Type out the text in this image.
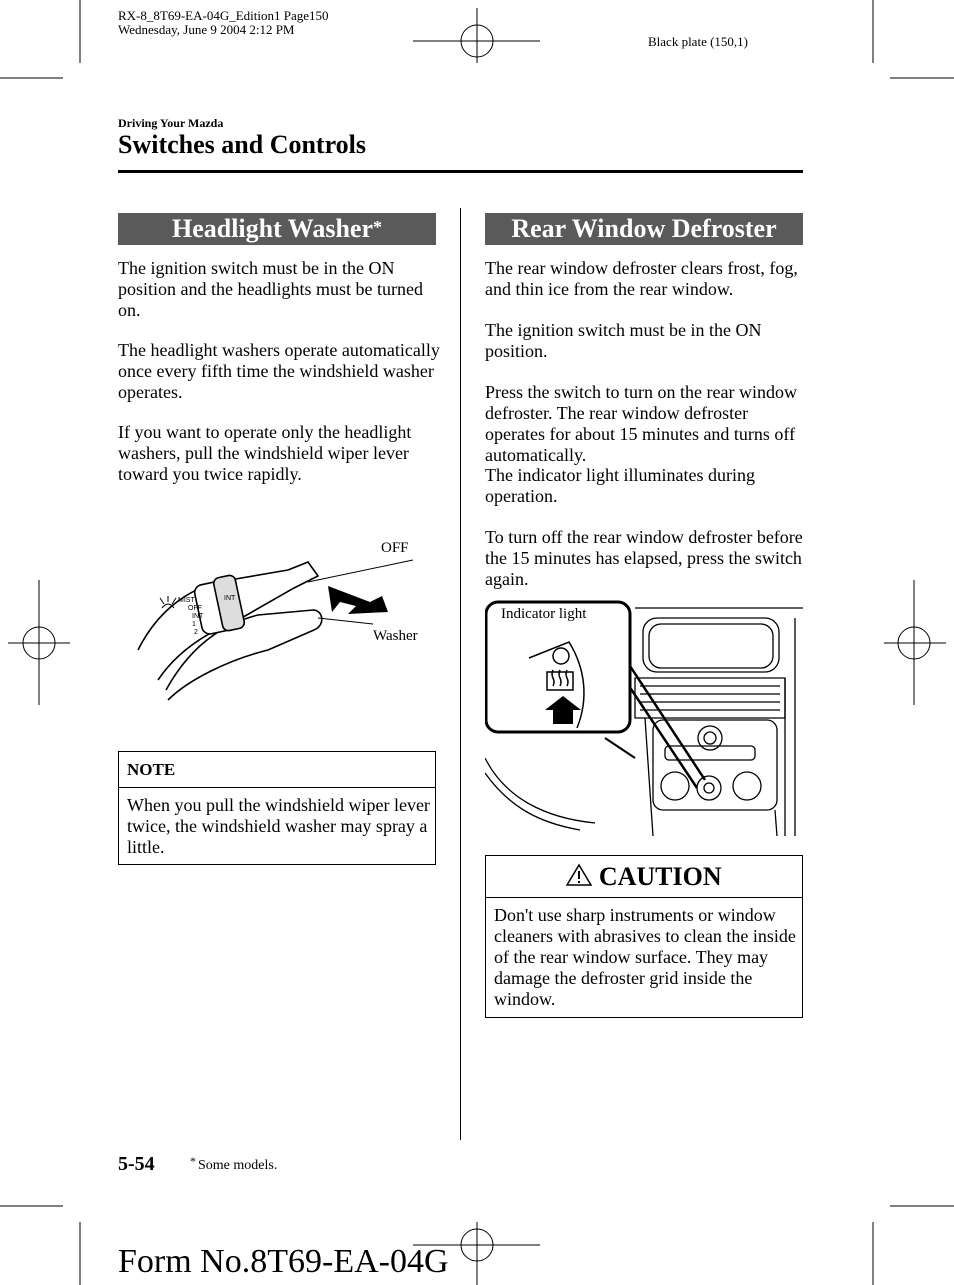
RX-8_8T69-EA-04G_Edition1 Page150
Wednesday, June 9 2004 2:12 PM
Black plate (150,1)
Driving Your Mazda
Switches and Controls
Headlight Washer*
The ignition switch must be in the ON position and the headlights must be turned on.
The headlight washers operate automatically once every fifth time the windshield washer operates.
If you want to operate only the headlight washers, pull the windshield wiper lever toward you twice rapidly.
MIST
OFF
INT
1
2
INT
OFF
Washer
NOTE
When you pull the windshield wiper lever twice, the windshield washer may spray a little.
Rear Window Defroster
The rear window defroster clears frost, fog, and thin ice from the rear window.
The ignition switch must be in the ON position.
Press the switch to turn on the rear window defroster. The rear window defroster operates for about 15 minutes and turns off automatically.
The indicator light illuminates during operation.
To turn off the rear window defroster before the 15 minutes has elapsed, press the switch again.
Indicator light
CAUTION
Don't use sharp instruments or window cleaners with abrasives to clean the inside of the rear window surface. They may damage the defroster grid inside the window.
5-54	* Some models.
Form No.8T69-EA-04G
